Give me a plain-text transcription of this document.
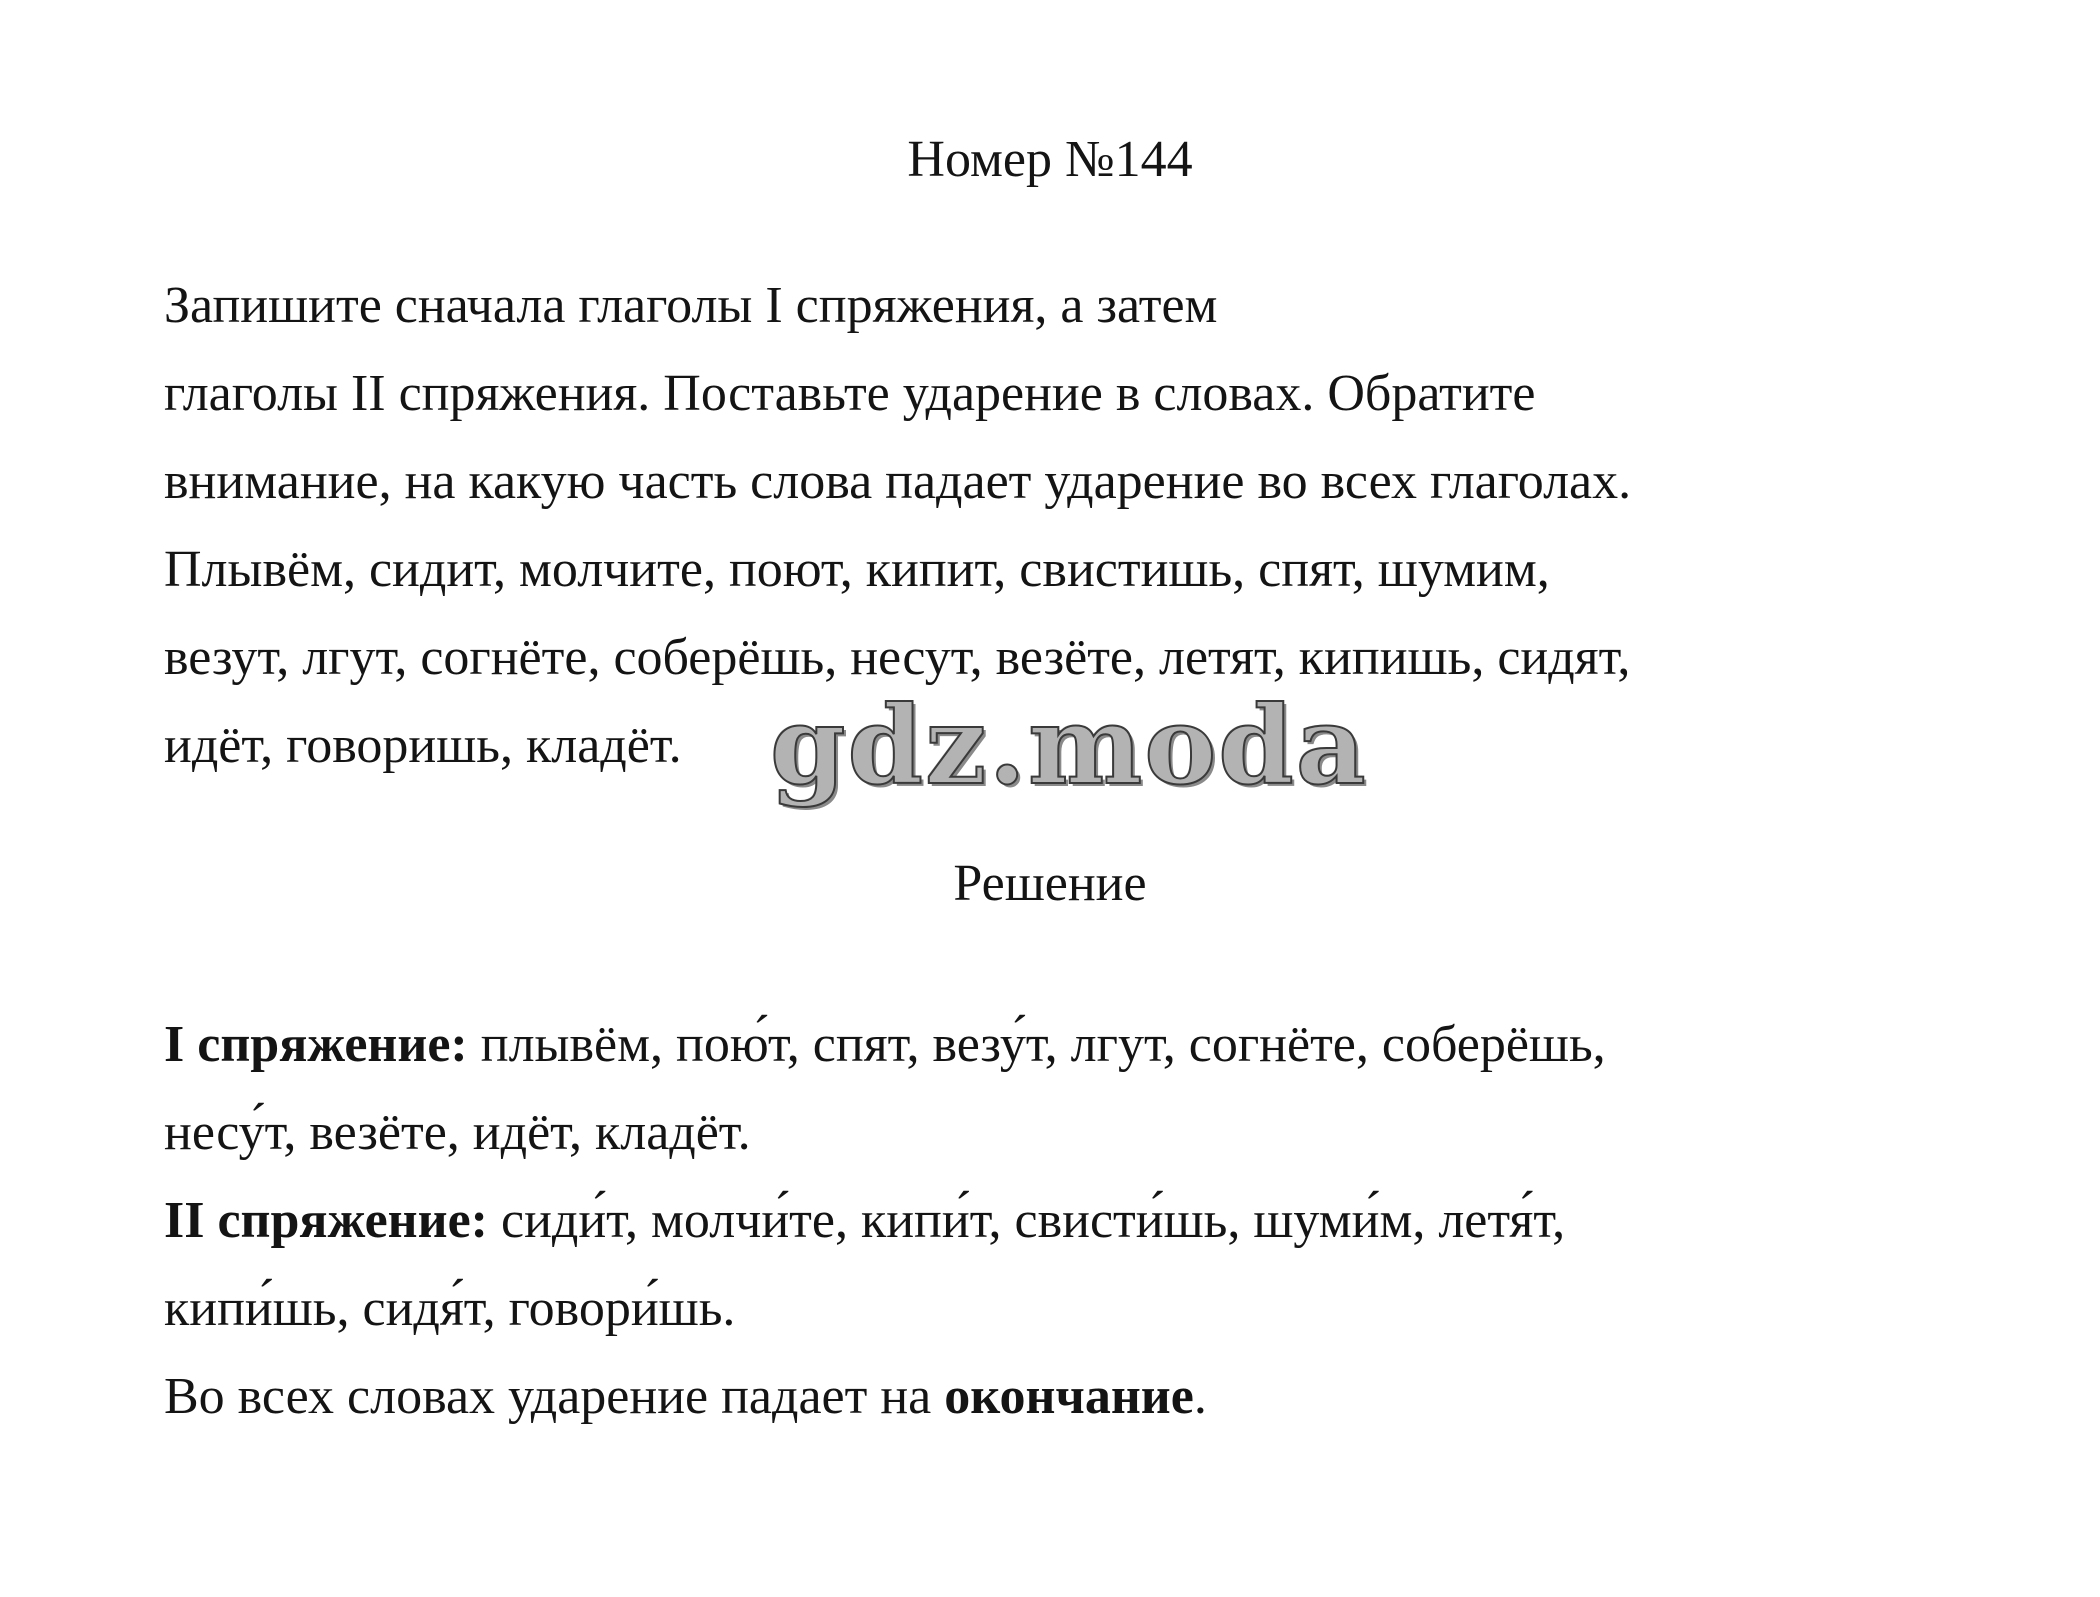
Номер №144
Запишите сначала глаголы I спряжения, а затем
глаголы II спряжения. Поставьте ударение в словах. Обратите
внимание, на какую часть слова падает ударение во всех глаголах.
Плывём, сидит, молчите, поют, кипит, свистишь, спят, шумим,
везут, лгут, согнёте, соберёшь, несут, везёте, летят, кипишь, сидят,
идёт, говоришь, кладёт. gdz.moda
Решение
I спряжение: плывём, пою́т, спят, везу́т, лгут, согнёте, соберёшь,
несу́т, везёте, идёт, кладёт.
II спряжение: сиди́т, молчи́те, кипи́т, свисти́шь, шуми́м, летя́т,
кипи́шь, сидя́т, говори́шь.
Во всех словах ударение падает на окончание.
